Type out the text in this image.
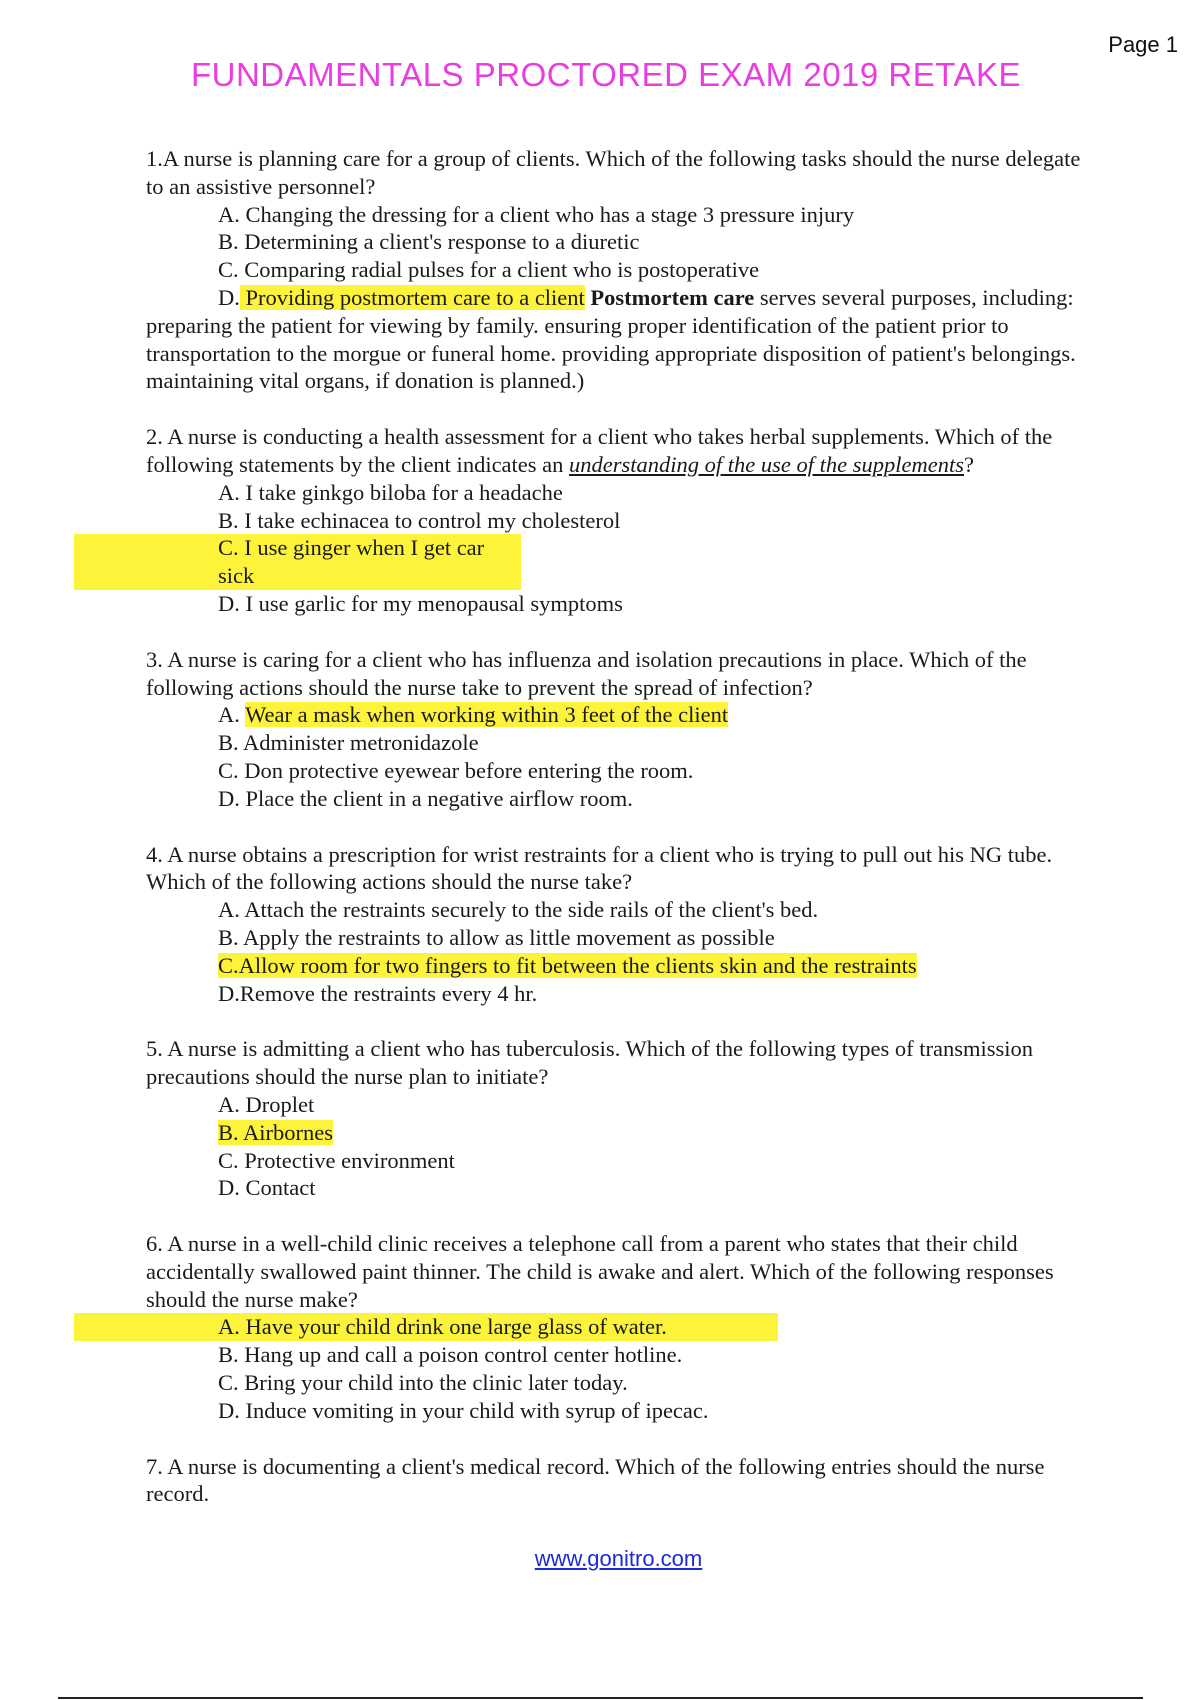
Page 1
FUNDAMENTALS PROCTORED EXAM 2019 RETAKE

1.A nurse is planning care for a group of clients. Which of the following tasks should the nurse delegate to an assistive personnel?

A. Changing the dressing for a client who has a stage 3 pressure injury
B. Determining a client's response to a diuretic
C. Comparing radial pulses for a client who is postoperative

D. Providing postmortem care to a client Postmortem care serves several purposes, including: preparing the patient for viewing by family. ensuring proper identification of the patient prior to transportation to the morgue or funeral home. providing appropriate disposition of patient's belongings. maintaining vital organs, if donation is planned.)

2. A nurse is conducting a health assessment for a client who takes herbal supplements. Which of the following statements by the client indicates an understanding of the use of the supplements?

A. I take ginkgo biloba for a headache
B. I take echinacea to control my cholesterol
C. I use ginger when I get car sick
D. I use garlic for my menopausal symptoms

3. A nurse is caring for a client who has influenza and isolation precautions in place. Which of the following actions should the nurse take to prevent the spread of infection?

A. Wear a mask when working within 3 feet of the client
B. Administer metronidazole
C. Don protective eyewear before entering the room.
D. Place the client in a negative airflow room.

4. A nurse obtains a prescription for wrist restraints for a client who is trying to pull out his NG tube. Which of the following actions should the nurse take?

A. Attach the restraints securely to the side rails of the client's bed.
B. Apply the restraints to allow as little movement as possible
C.Allow room for two fingers to fit between the clients skin and the restraints
D.Remove the restraints every 4 hr.

5. A nurse is admitting a client who has tuberculosis. Which of the following types of transmission precautions should the nurse plan to initiate?

A. Droplet
B. Airbornes
C. Protective environment
D. Contact

6. A nurse in a well-child clinic receives a telephone call from a parent who states that their child accidentally swallowed paint thinner. The child is awake and alert. Which of the following responses should the nurse make?

A. Have your child drink one large glass of water.
B. Hang up and call a poison control center hotline.
C. Bring your child into the clinic later today.
D. Induce vomiting in your child with syrup of ipecac.

7. A nurse is documenting a client's medical record. Which of the following entries should the nurse record.

www.gonitro.com
